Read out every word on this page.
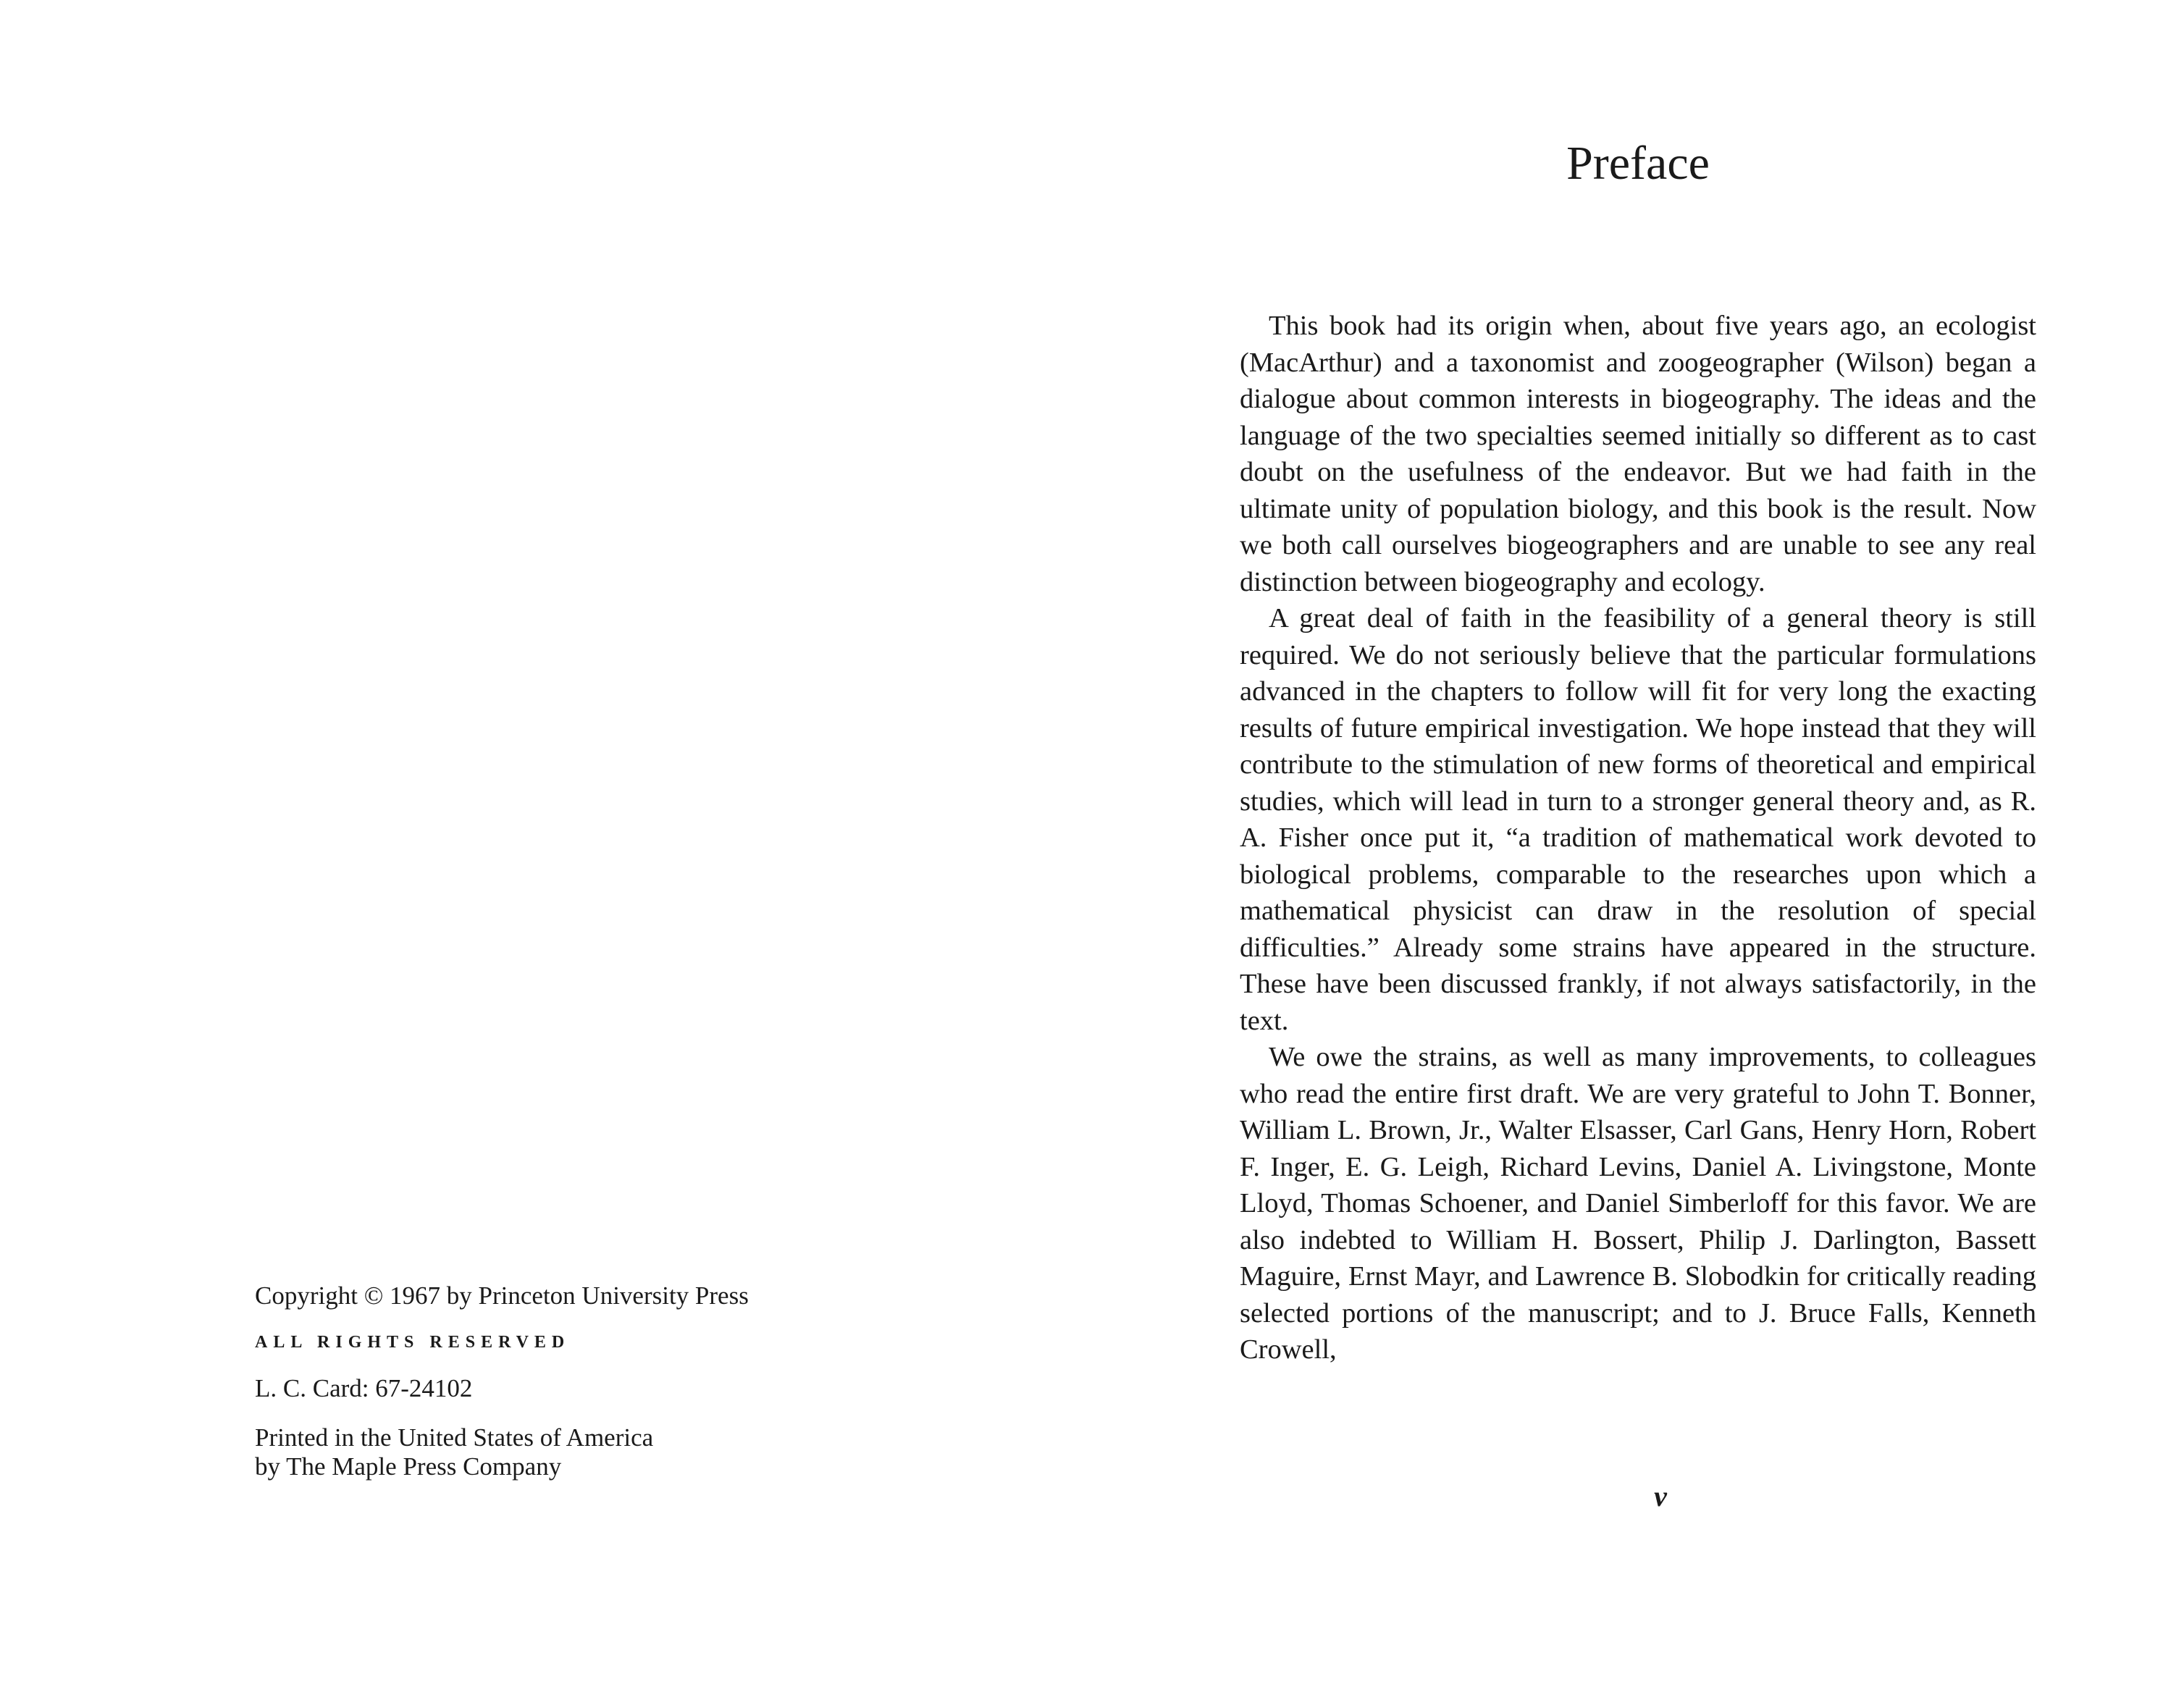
Copyright © 1967 by Princeton University Press
ALL RIGHTS RESERVED
L. C. Card: 67-24102
Printed in the United States of America
by The Maple Press Company
Preface

This book had its origin when, about five years ago, an ecologist (MacArthur) and a taxonomist and zoogeographer (Wilson) began a dialogue about common interests in biogeography. The ideas and the language of the two specialties seemed initially so different as to cast doubt on the usefulness of the endeavor. But we had faith in the ultimate unity of population biology, and this book is the result. Now we both call ourselves biogeographers and are unable to see any real distinction between biogeography and ecology.

A great deal of faith in the feasibility of a general theory is still required. We do not seriously believe that the particular formulations advanced in the chapters to follow will fit for very long the exacting results of future empirical investigation. We hope instead that they will contribute to the stimulation of new forms of theoretical and empirical studies, which will lead in turn to a stronger general theory and, as R. A. Fisher once put it, “a tradition of mathematical work devoted to biological problems, comparable to the researches upon which a mathematical physicist can draw in the resolution of special difficulties.” Already some strains have appeared in the structure. These have been discussed frankly, if not always satisfactorily, in the text.

We owe the strains, as well as many improvements, to colleagues who read the entire first draft. We are very grateful to John T. Bonner, William L. Brown, Jr., Walter Elsasser, Carl Gans, Henry Horn, Robert F. Inger, E. G. Leigh, Richard Levins, Daniel A. Livingstone, Monte Lloyd, Thomas Schoener, and Daniel Simberloff for this favor. We are also indebted to William H. Bossert, Philip J. Darlington, Bassett Maguire, Ernst Mayr, and Lawrence B. Slobodkin for critically reading selected portions of the manuscript; and to J. Bruce Falls, Kenneth Crowell,

v
